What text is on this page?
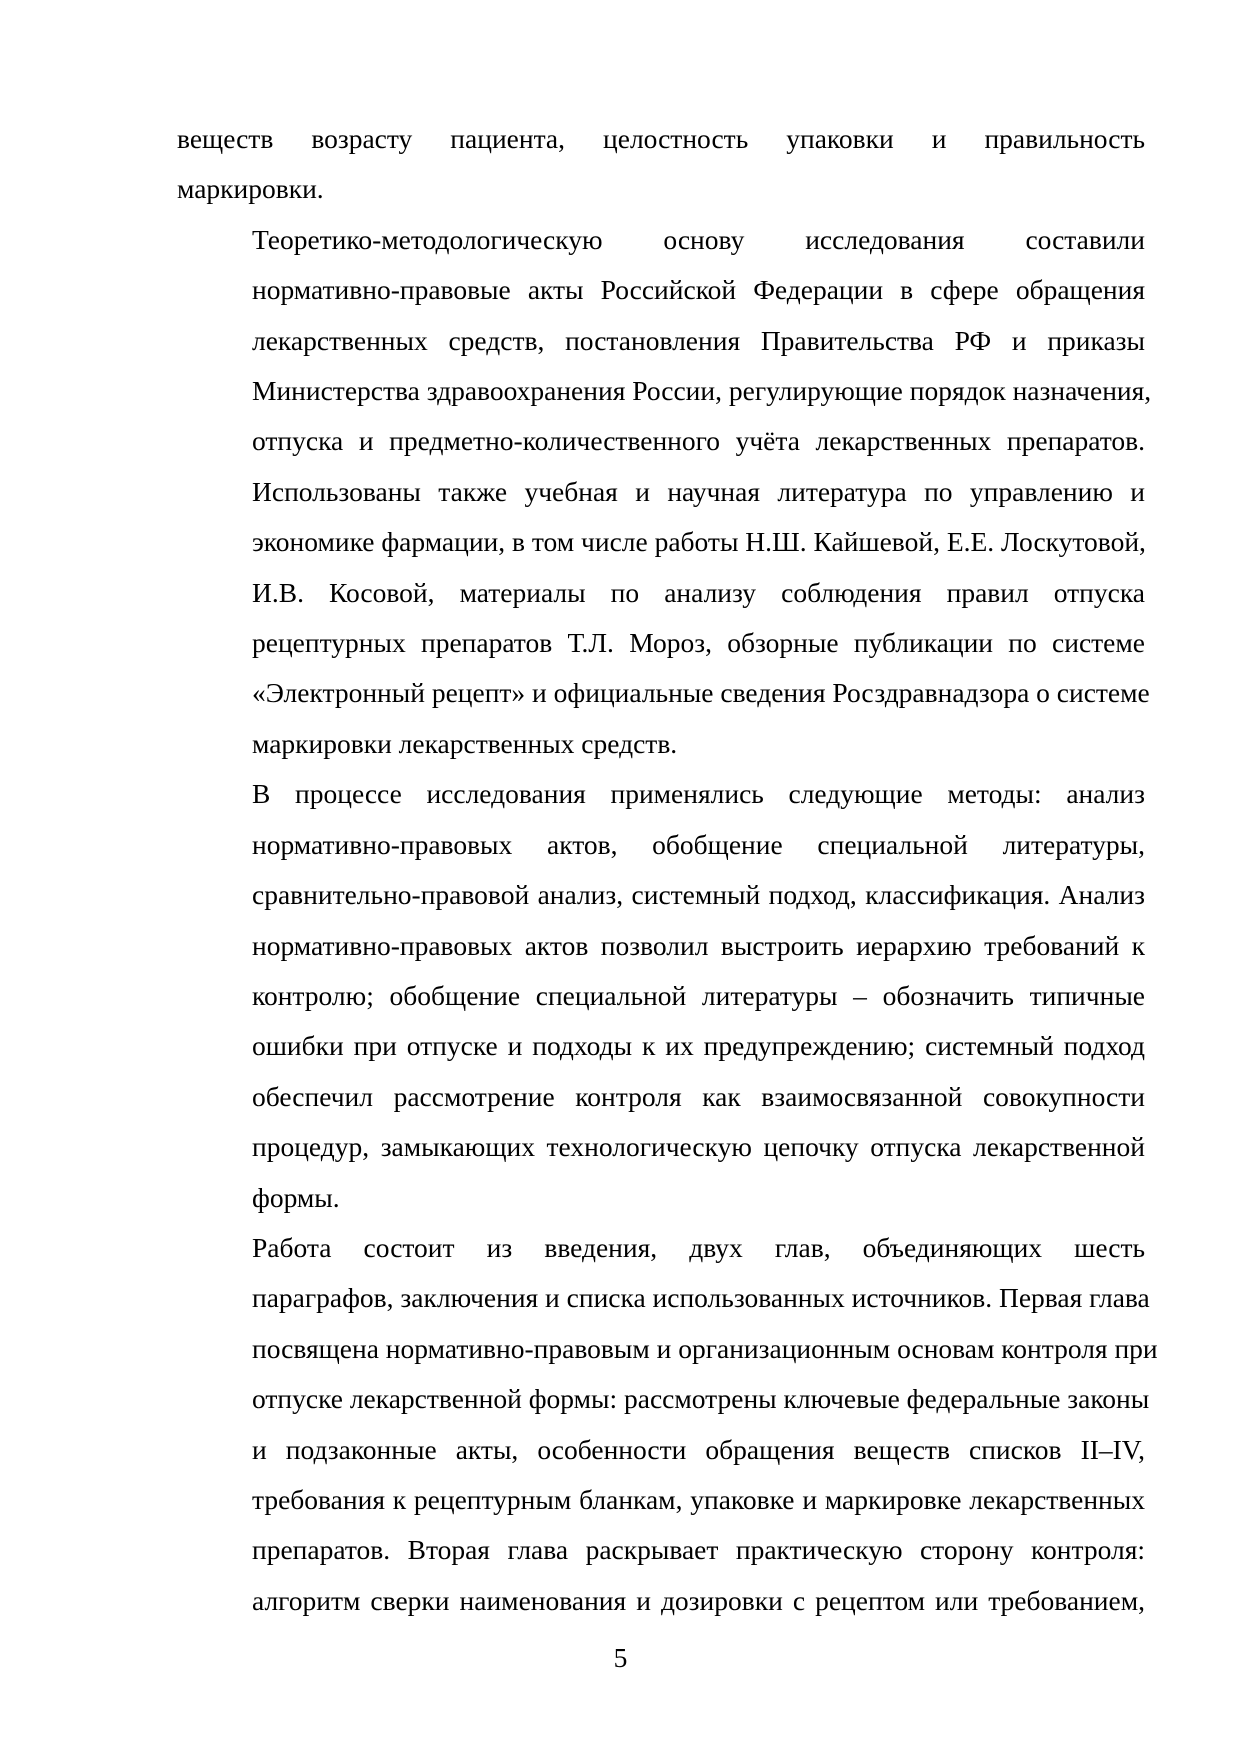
веществ возрасту пациента, целостность упаковки и правильность
маркировки.

Теоретико-методологическую основу исследования составили
нормативно-правовые акты Российской Федерации в сфере обращения
лекарственных средств, постановления Правительства РФ и приказы
Министерства здравоохранения России, регулирующие порядок назначения,
отпуска и предметно-количественного учёта лекарственных препаратов.
Использованы также учебная и научная литература по управлению и
экономике фармации, в том числе работы Н.Ш. Кайшевой, Е.Е. Лоскутовой,
И.В. Косовой, материалы по анализу соблюдения правил отпуска
рецептурных препаратов Т.Л. Мороз, обзорные публикации по системе
«Электронный рецепт» и официальные сведения Росздравнадзора о системе
маркировки лекарственных средств.

В процессе исследования применялись следующие методы: анализ
нормативно-правовых актов, обобщение специальной литературы,
сравнительно-правовой анализ, системный подход, классификация. Анализ
нормативно-правовых актов позволил выстроить иерархию требований к
контролю; обобщение специальной литературы – обозначить типичные
ошибки при отпуске и подходы к их предупреждению; системный подход
обеспечил рассмотрение контроля как взаимосвязанной совокупности
процедур, замыкающих технологическую цепочку отпуска лекарственной
формы.

Работа состоит из введения, двух глав, объединяющих шесть
параграфов, заключения и списка использованных источников. Первая глава
посвящена нормативно-правовым и организационным основам контроля при
отпуске лекарственной формы: рассмотрены ключевые федеральные законы
и подзаконные акты, особенности обращения веществ списков II–IV,
требования к рецептурным бланкам, упаковке и маркировке лекарственных
препаратов. Вторая глава раскрывает практическую сторону контроля:
алгоритм сверки наименования и дозировки с рецептом или требованием,

5
